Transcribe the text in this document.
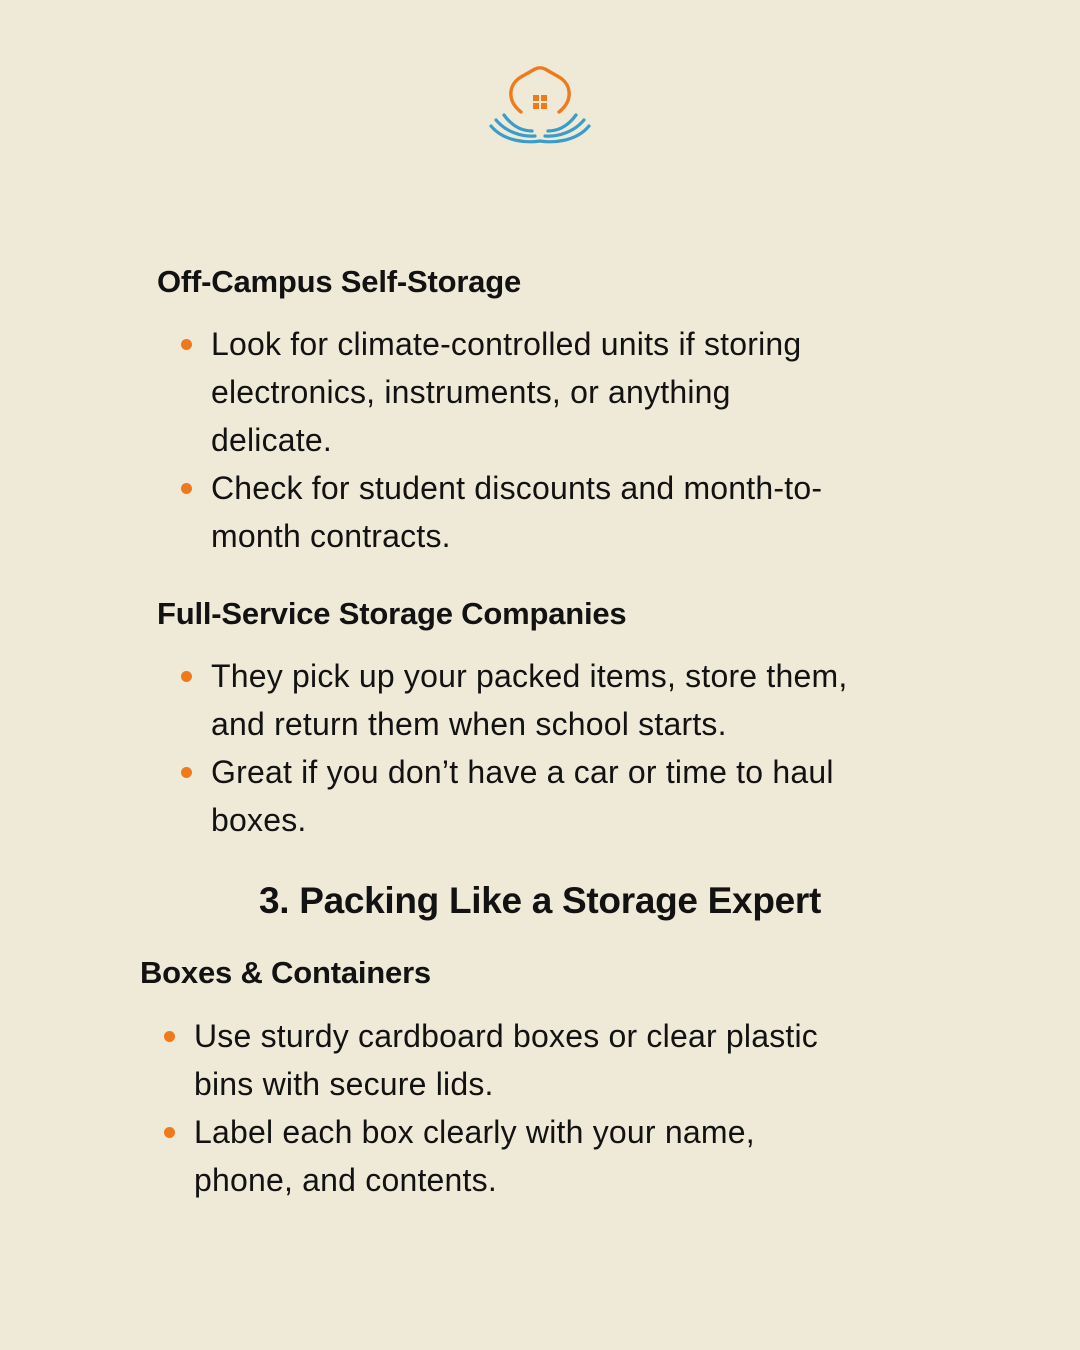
Off-Campus Self-Storage
Look for climate-controlled units if storing
electronics, instruments, or anything
delicate.
Check for student discounts and month-to-
month contracts.
Full-Service Storage Companies
They pick up your packed items, store them,
and return them when school starts.
Great if you don’t have a car or time to haul
boxes.
3. Packing Like a Storage Expert
Boxes & Containers
Use sturdy cardboard boxes or clear plastic
bins with secure lids.
Label each box clearly with your name,
phone, and contents.
